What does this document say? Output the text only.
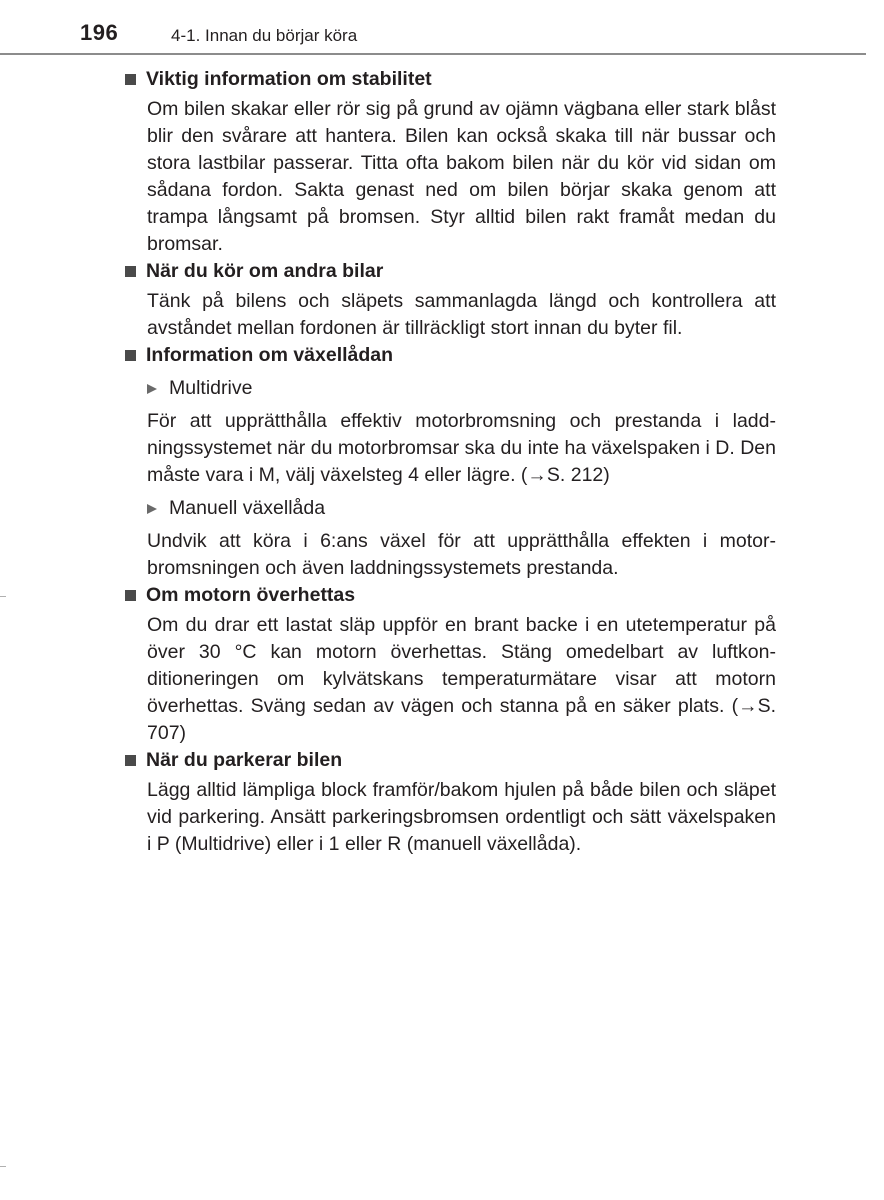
196	4-1. Innan du börjar köra
Viktig information om stabilitet

Om bilen skakar eller rör sig på grund av ojämn vägbana eller stark blåst blir den svårare att hantera. Bilen kan också skaka till när bussar och stora lastbilar passerar. Titta ofta bakom bilen när du kör vid sidan om sådana fordon. Sakta genast ned om bilen börjar skaka genom att trampa långsamt på bromsen. Styr alltid bilen rakt framåt medan du bromsar.

När du kör om andra bilar

Tänk på bilens och släpets sammanlagda längd och kontrollera att avståndet mellan fordonen är tillräckligt stort innan du byter fil.

Information om växellådan
Multidrive

För att upprätthålla effektiv motorbromsning och prestanda i laddningssystemet när du motorbromsar ska du inte ha växelspaken i D. Den måste vara i M, välj växelsteg 4 eller lägre. (→S. 212)

Manuell växellåda

Undvik att köra i 6:ans växel för att upprätthålla effekten i motorbromsningen och även laddningssystemets prestanda.

Om motorn överhettas

Om du drar ett lastat släp uppför en brant backe i en utetemperatur på över 30 °C kan motorn överhettas. Stäng omedelbart av luftkonditioneringen om kylvätskans temperaturmätare visar att motorn överhettas. Sväng sedan av vägen och stanna på en säker plats. (→S. 707)

När du parkerar bilen

Lägg alltid lämpliga block framför/bakom hjulen på både bilen och släpet vid parkering. Ansätt parkeringsbromsen ordentligt och sätt växelspaken i P (Multidrive) eller i 1 eller R (manuell växellåda).
